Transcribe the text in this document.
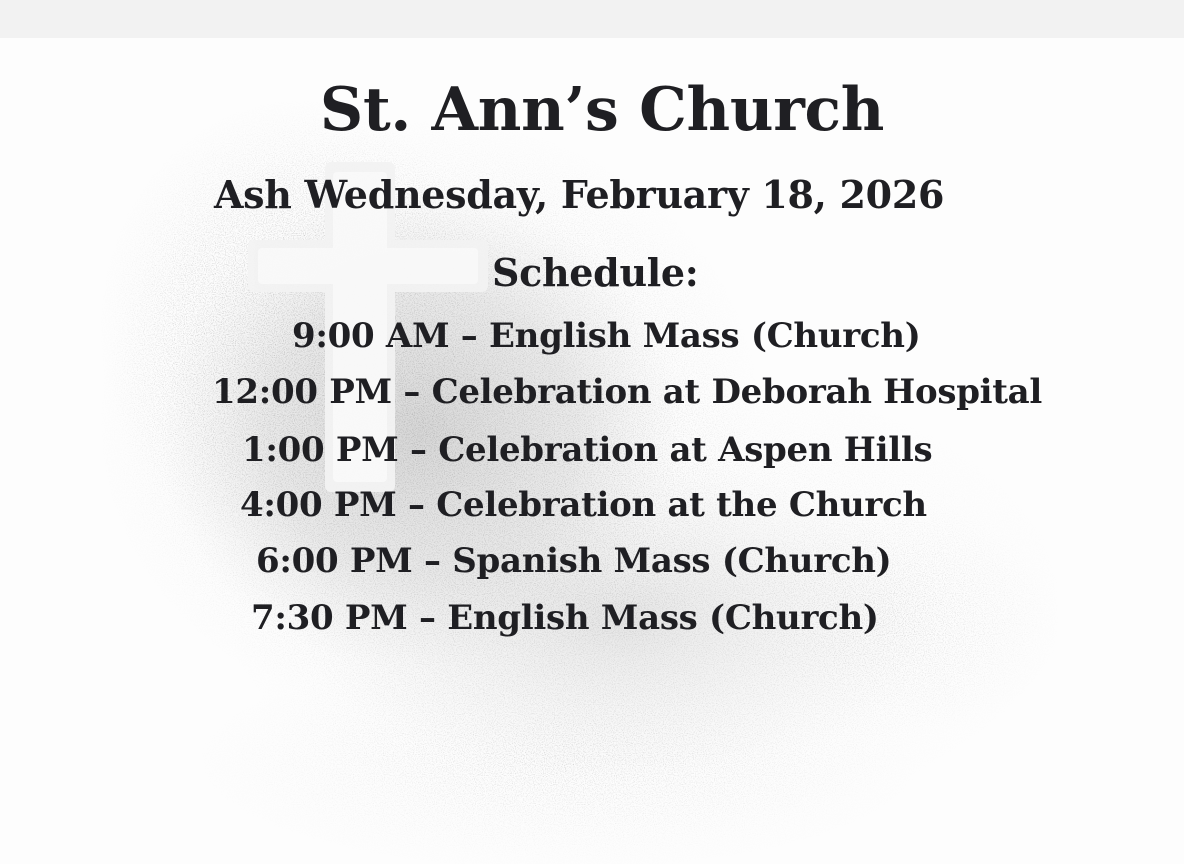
St. Ann’s Church
Ash Wednesday, February 18, 2026
Schedule:
9:00 AM – English Mass (Church)
12:00 PM – Celebration at Deborah Hospital
1:00 PM – Celebration at Aspen Hills
4:00 PM – Celebration at the Church
6:00 PM – Spanish Mass (Church)
7:30 PM – English Mass (Church)
